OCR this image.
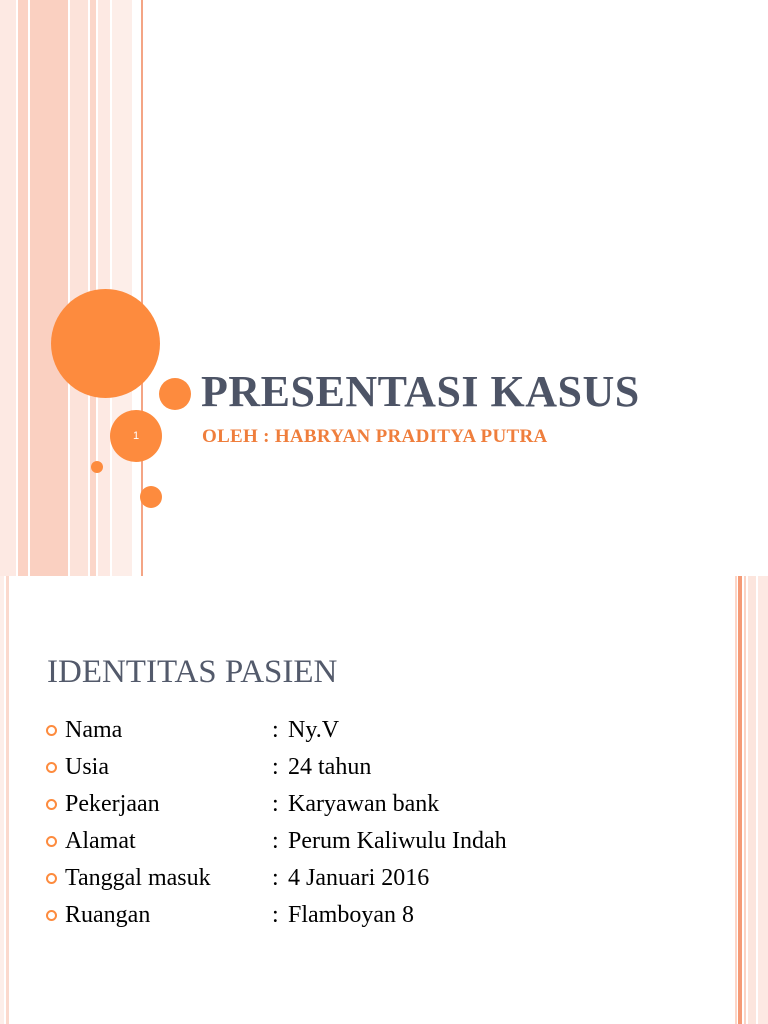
1
PRESENTASI KASUS
OLEH : HABRYAN PRADITYA PUTRA
IDENTITAS PASIEN
Nama	: Ny.V
Usia	: 24 tahun
Pekerjaan	: Karyawan bank
Alamat	: Perum Kaliwulu Indah
Tanggal masuk	: 4 Januari 2016
Ruangan	: Flamboyan 8
